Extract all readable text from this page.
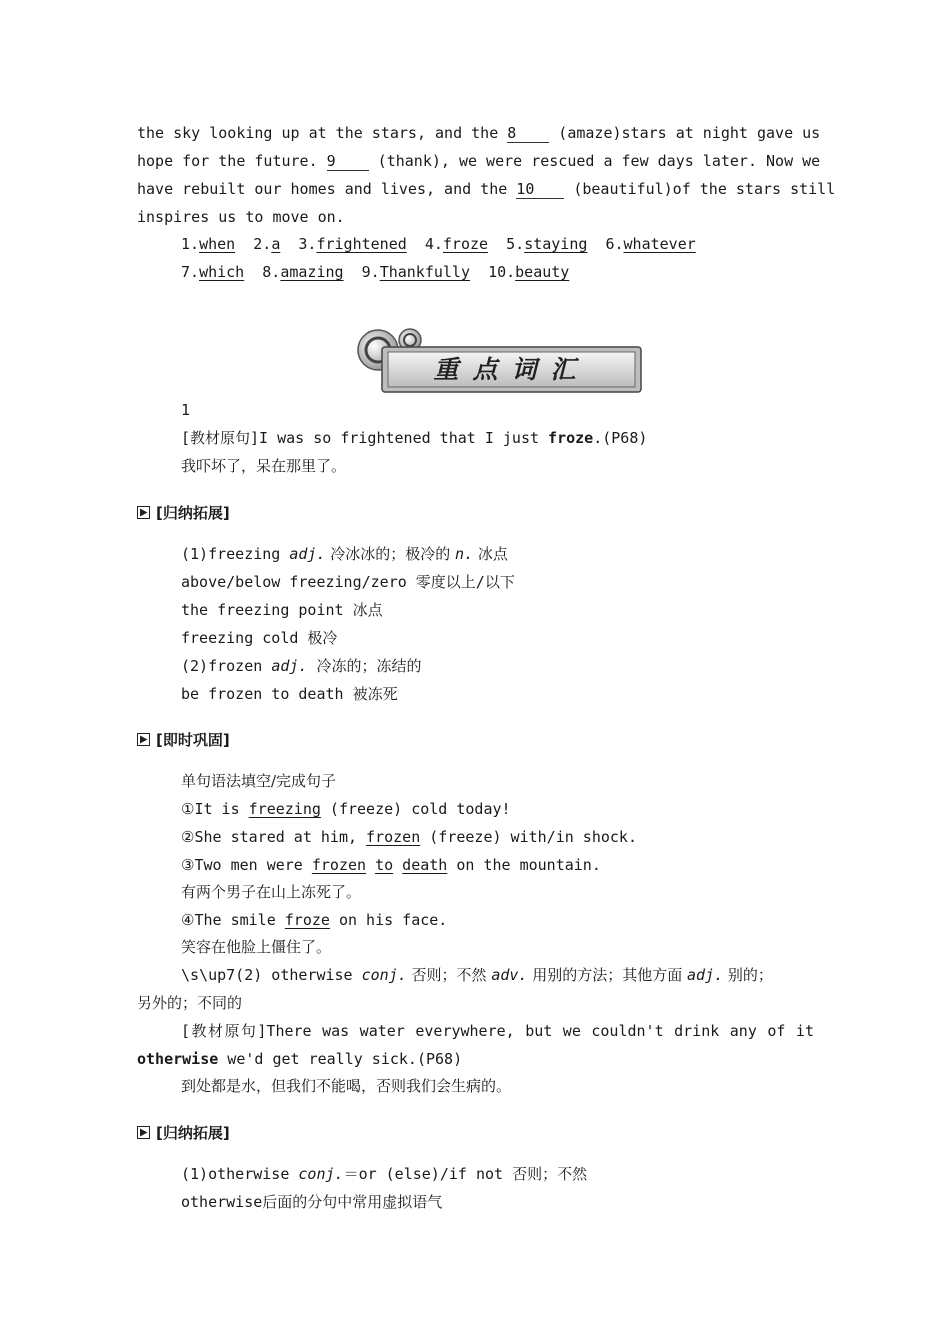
the sky looking up at the stars, and the 8 (amaze)stars at night gave us
hope for the future. 9 (thank), we were rescued a few days later. Now we
have rebuilt our homes and lives, and the 10 (beautiful)of the stars still
inspires us to move on.
1.when 2.a 3.frightened 4.froze 5.staying 6.whatever
7.which 8.amazing 9.Thankfully 10.beauty
重点词汇
1
[教材原句]I was so frightened that I just froze.(P68)
我吓坏了，呆在那里了。
[归纳拓展]
(1)freezing adj. 冷冰冰的；极冷的 n. 冰点
above/below freezing/zero 零度以上/以下
the freezing point 冰点
freezing cold 极冷
(2)frozen adj. 冷冻的；冻结的
be frozen to death 被冻死
[即时巩固]
单句语法填空/完成句子
①It is freezing (freeze) cold today!
②She stared at him, frozen (freeze) with/in shock.
③Two men were frozen to death on the mountain.
有两个男子在山上冻死了。
④The smile froze on his face.
笑容在他脸上僵住了。
\s\up7(2) otherwise conj. 否则；不然 adv. 用别的方法；其他方面 adj. 别的；
另外的；不同的
[教材原句]There was water everywhere, but we couldn't drink any of it
otherwise we'd get really sick.(P68)
到处都是水，但我们不能喝，否则我们会生病的。
[归纳拓展]
(1)otherwise conj.＝or (else)/if not 否则；不然
otherwise后面的分句中常用虚拟语气
